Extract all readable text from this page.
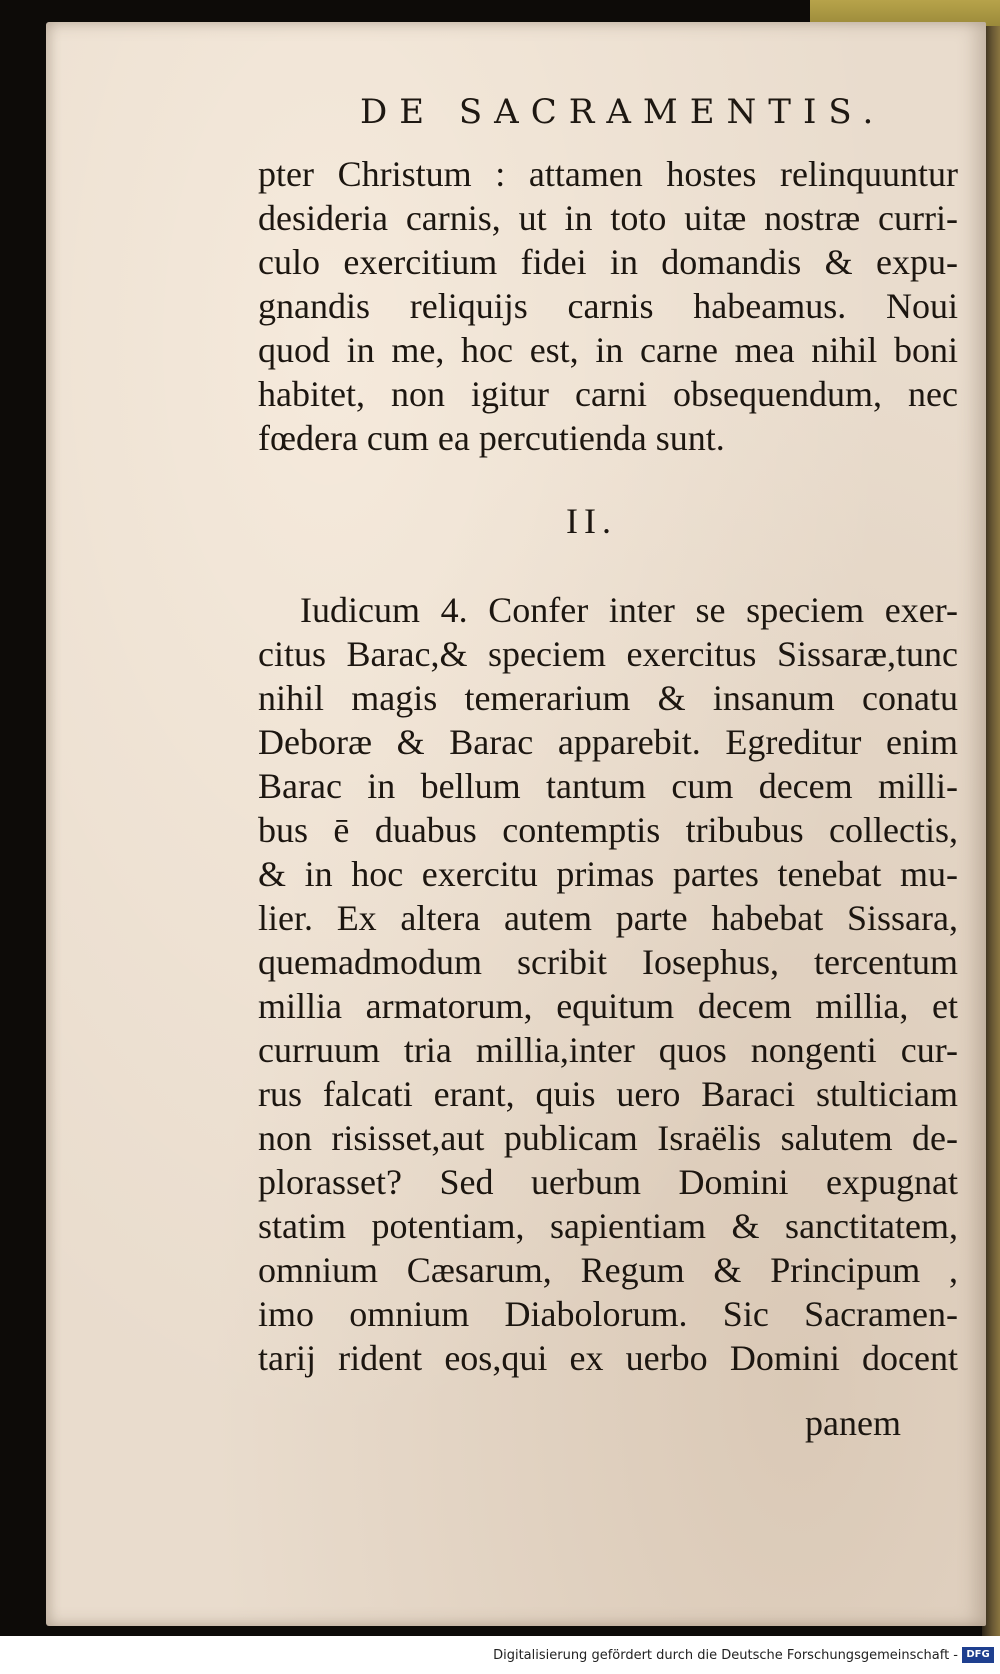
DE SACRAMENTIS.
pter Christum : attamen hostes relinquuntur
desideria carnis, ut in toto uitæ nostræ curri-
culo exercitium fidei in domandis & expu-
gnandis reliquijs carnis habeamus. Noui
quod in me, hoc est, in carne mea nihil boni
habitet, non igitur carni obsequendum, nec
fœdera cum ea percutienda sunt.
II.
Iudicum 4. Confer inter se speciem exer-
citus Barac,& speciem exercitus Sissaræ,tunc
nihil magis temerarium & insanum conatu
Deboræ & Barac apparebit. Egreditur enim
Barac in bellum tantum cum decem milli-
bus ē duabus contemptis tribubus collectis,
& in hoc exercitu primas partes tenebat mu-
lier. Ex altera autem parte habebat Sissara,
quemadmodum scribit Iosephus, tercentum
millia armatorum, equitum decem millia, et
curruum tria millia,inter quos nongenti cur-
rus falcati erant, quis uero Baraci stulticiam
non risisset,aut publicam Israëlis salutem de-
plorasset? Sed uerbum Domini expugnat
statim potentiam, sapientiam & sanctitatem,
omnium Cæsarum, Regum & Principum ,
imo omnium Diabolorum. Sic Sacramen-
tarij rident eos,qui ex uerbo Domini docent
panem
Digitalisierung gefördert durch die Deutsche Forschungsgemeinschaft - DFG
